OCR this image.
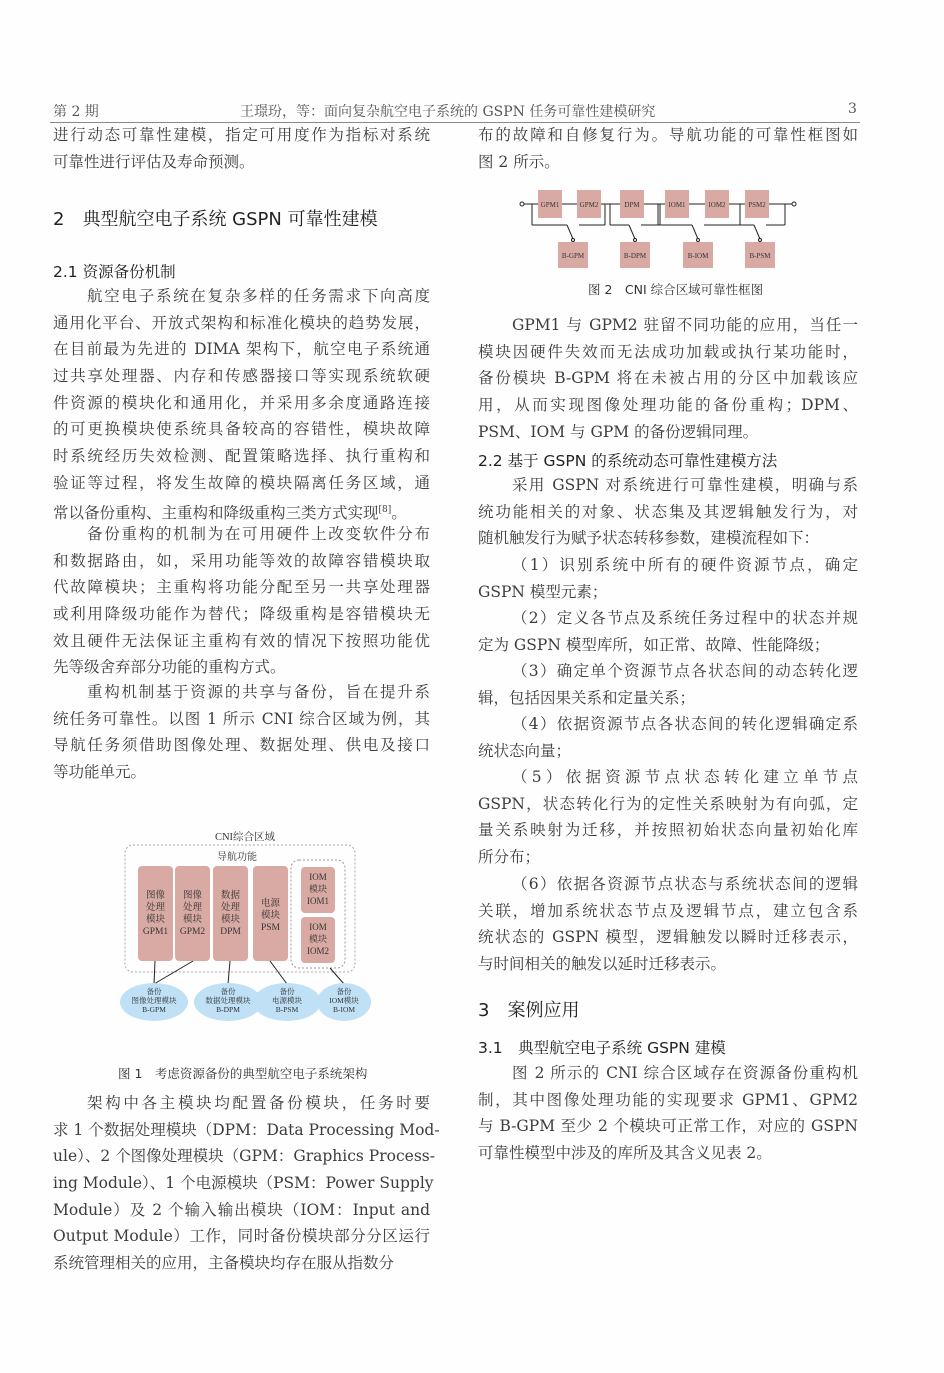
第 2 期	王璟玢，等：面向复杂航空电子系统的 GSPN 任务可靠性建模研究	3
进行动态可靠性建模，指定可用度作为指标对系统
可靠性进行评估及寿命预测。
2　典型航空电子系统 GSPN 可靠性建模
2.1 资源备份机制
航空电子系统在复杂多样的任务需求下向高度
通用化平台、开放式架构和标准化模块的趋势发展，
在目前最为先进的 DIMA 架构下，航空电子系统通
过共享处理器、内存和传感器接口等实现系统软硬
件资源的模块化和通用化，并采用多余度通路连接
的可更换模块使系统具备较高的容错性，模块故障
时系统经历失效检测、配置策略选择、执行重构和
验证等过程，将发生故障的模块隔离任务区域，通
常以备份重构、主重构和降级重构三类方式实现[8]。
备份重构的机制为在可用硬件上改变软件分布
和数据路由，如，采用功能等效的故障容错模块取
代故障模块；主重构将功能分配至另一共享处理器
或利用降级功能作为替代；降级重构是容错模块无
效且硬件无法保证主重构有效的情况下按照功能优
先等级舍弃部分功能的重构方式。
重构机制基于资源的共享与备份，旨在提升系
统任务可靠性。以图 1 所示 CNI 综合区域为例，其
导航任务须借助图像处理、数据处理、供电及接口
等功能单元。
CNI综合区域
导航功能
图像
处理
模块
GPM1
图像
处理
模块
GPM2
数据
处理
模块
DPM
电源
模块
PSM
IOM
模块
IOM1
IOM
模块
IOM2
备份
图像处理模块
B-GPM
备份
数据处理模块
B-DPM
备份
电源模块
B-PSM
备份
IOM模块
B-IOM
图 1　考虑资源备份的典型航空电子系统架构
架构中各主模块均配置备份模块，任务时要
求 1 个数据处理模块（DPM：Data Processing Mod-
ule）、2 个图像处理模块（GPM：Graphics Process-
ing Module）、1 个电源模块（PSM：Power Supply
Module）及 2 个输入输出模块（IOM：Input and
Output Module）工作，同时备份模块部分分区运行
系统管理相关的应用，主备模块均存在服从指数分
布的故障和自修复行为。导航功能的可靠性框图如
图 2 所示。
GPM1	GPM2	DPM	IOM1	IOM2	PSM2
B-GPM	B-DPM	B-IOM	B-PSM
图 2　CNI 综合区域可靠性框图
GPM1 与 GPM2 驻留不同功能的应用，当任一
模块因硬件失效而无法成功加载或执行某功能时，
备份模块 B-GPM 将在未被占用的分区中加载该应
用，从而实现图像处理功能的备份重构；DPM、
PSM、IOM 与 GPM 的备份逻辑同理。
2.2 基于 GSPN 的系统动态可靠性建模方法
采用 GSPN 对系统进行可靠性建模，明确与系
统功能相关的对象、状态集及其逻辑触发行为，对
随机触发行为赋予状态转移参数，建模流程如下：
（1）识别系统中所有的硬件资源节点，确定
GSPN 模型元素；
（2）定义各节点及系统任务过程中的状态并规
定为 GSPN 模型库所，如正常、故障、性能降级；
（3）确定单个资源节点各状态间的动态转化逻
辑，包括因果关系和定量关系；
（4）依据资源节点各状态间的转化逻辑确定系
统状态向量；
（5）依据资源节点状态转化建立单节点
GSPN，状态转化行为的定性关系映射为有向弧，定
量关系映射为迁移，并按照初始状态向量初始化库
所分布；
（6）依据各资源节点状态与系统状态间的逻辑
关联，增加系统状态节点及逻辑节点，建立包含系
统状态的 GSPN 模型，逻辑触发以瞬时迁移表示，
与时间相关的触发以延时迁移表示。
3　案例应用
3.1　典型航空电子系统 GSPN 建模
图 2 所示的 CNI 综合区域存在资源备份重构机
制，其中图像处理功能的实现要求 GPM1、GPM2
与 B-GPM 至少 2 个模块可正常工作，对应的 GSPN
可靠性模型中涉及的库所及其含义见表 2。
